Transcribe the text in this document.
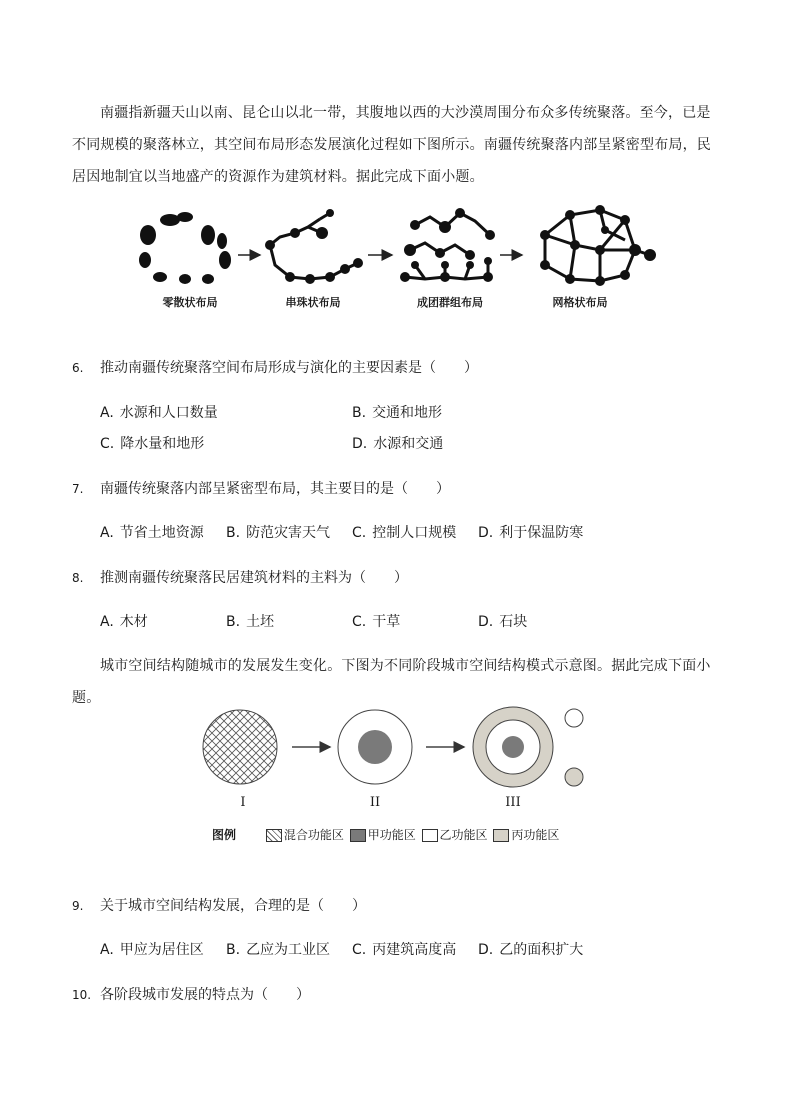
南疆指新疆天山以南、昆仑山以北一带，其腹地以西的大沙漠周围分布众多传统聚落。至今，已是不同规模的聚落林立，其空间布局形态发展演化过程如下图所示。南疆传统聚落内部呈紧密型布局，民居因地制宜以当地盛产的资源作为建筑材料。据此完成下面小题。
零散状布局	串珠状布局	成团群组布局	网格状布局
6. 推动南疆传统聚落空间布局形成与演化的主要因素是（　　）
A. 水源和人口数量	B. 交通和地形
C. 降水量和地形	D. 水源和交通
7. 南疆传统聚落内部呈紧密型布局，其主要目的是（　　）
A. 节省土地资源 B. 防范灾害天气 C. 控制人口规模 D. 利于保温防寒
8. 推测南疆传统聚落民居建筑材料的主料为（　　）
A. 木材	B. 土坯	C. 干草	D. 石块
城市空间结构随城市的发展发生变化。下图为不同阶段城市空间结构模式示意图。据此完成下面小题。
I	II	III
图例	混合功能区 甲功能区 乙功能区 丙功能区
9. 关于城市空间结构发展，合理的是（　　）
A. 甲应为居住区 B. 乙应为工业区 C. 丙建筑高度高 D. 乙的面积扩大
10. 各阶段城市发展的特点为（　　）
